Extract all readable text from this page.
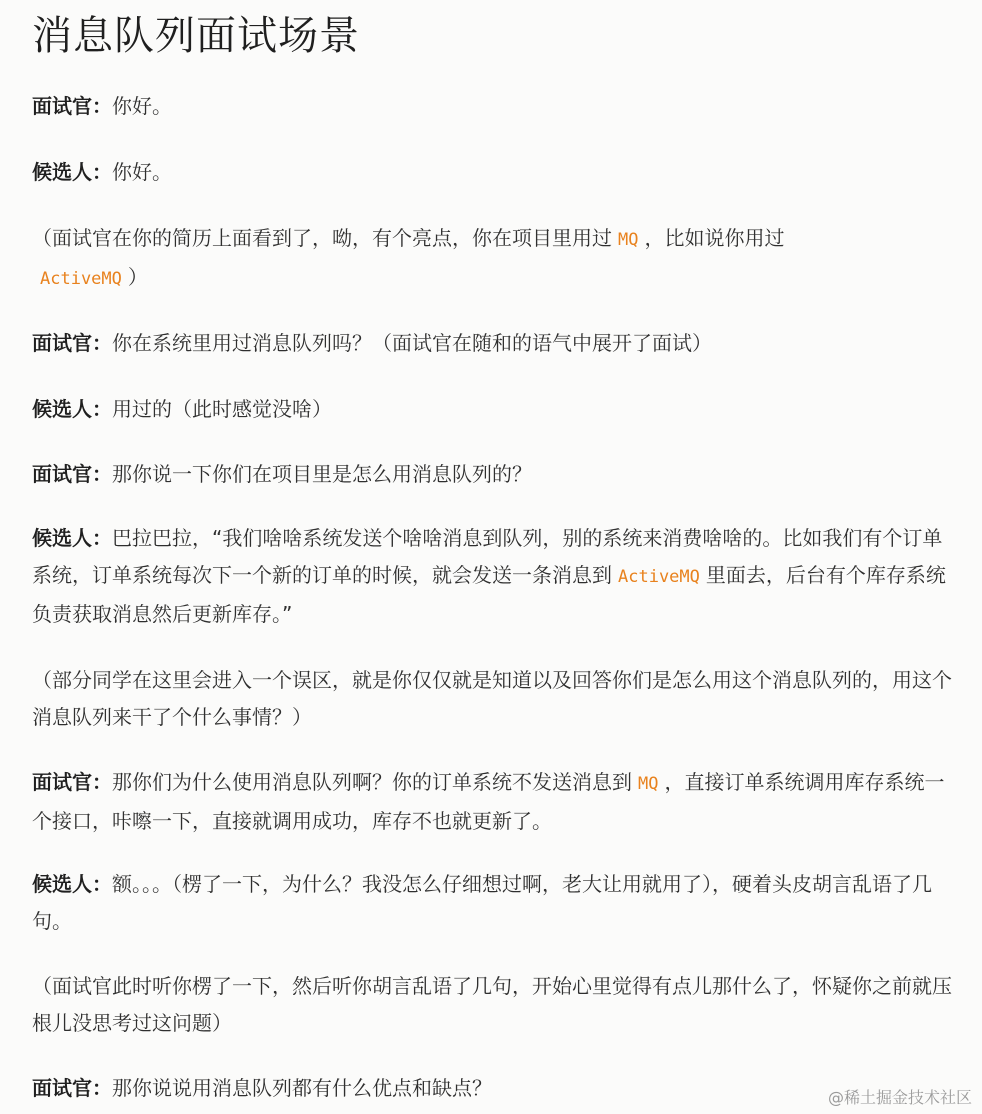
消息队列面试场景

面试官：你好。

候选人：你好。

（面试官在你的简历上面看到了，呦，有个亮点，你在项目里用过 MQ ，比如说你用过
ActiveMQ ）

面试官：你在系统里用过消息队列吗？（面试官在随和的语气中展开了面试）

候选人：用过的（此时感觉没啥）

面试官：那你说一下你们在项目里是怎么用消息队列的？

候选人：巴拉巴拉，“我们啥啥系统发送个啥啥消息到队列，别的系统来消费啥啥的。比如我们有个订单系统，订单系统每次下一个新的订单的时候，就会发送一条消息到 ActiveMQ 里面去，后台有个库存系统负责获取消息然后更新库存。”

（部分同学在这里会进入一个误区，就是你仅仅就是知道以及回答你们是怎么用这个消息队列的，用这个消息队列来干了个什么事情？）

面试官：那你们为什么使用消息队列啊？你的订单系统不发送消息到 MQ ，直接订单系统调用库存系统一个接口，咔嚓一下，直接就调用成功，库存不也就更新了。

候选人：额。。。（楞了一下，为什么？我没怎么仔细想过啊，老大让用就用了），硬着头皮胡言乱语了几句。

（面试官此时听你楞了一下，然后听你胡言乱语了几句，开始心里觉得有点儿那什么了，怀疑你之前就压根儿没思考过这问题）

面试官：那你说说用消息队列都有什么优点和缺点？	@稀土掘金技术社区
